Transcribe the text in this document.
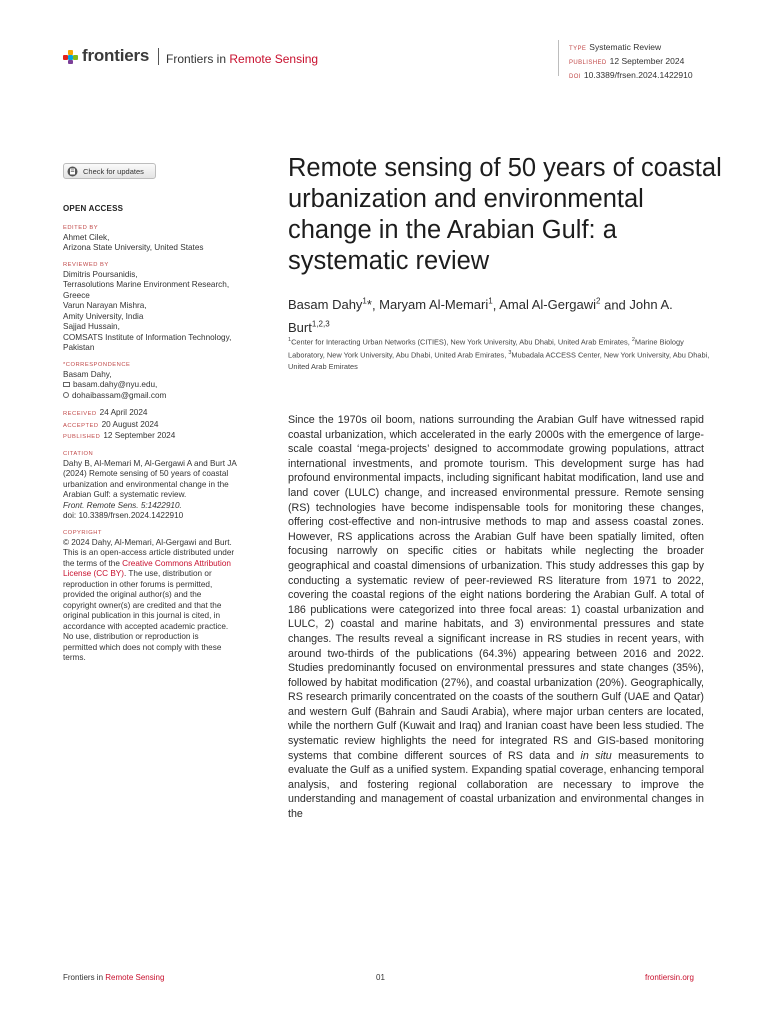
frontiers Frontiers in Remote Sensing
TYPE Systematic Review
PUBLISHED 12 September 2024
DOI 10.3389/frsen.2024.1422910
Check for updates
OPEN ACCESS
EDITED BY
Ahmet Cilek,
Arizona State University, United States
REVIEWED BY
Dimitris Poursanidis,
Terrasolutions Marine Environment Research,
Greece
Varun Narayan Mishra,
Amity University, India
Sajjad Hussain,
COMSATS Institute of Information Technology,
Pakistan
*CORRESPONDENCE
Basam Dahy,
basam.dahy@nyu.edu,
dohaibassam@gmail.com
RECEIVED 24 April 2024
ACCEPTED 20 August 2024
PUBLISHED 12 September 2024
CITATION
Dahy B, Al-Memari M, Al-Gergawi A and Burt JA
(2024) Remote sensing of 50 years of coastal
urbanization and environmental change in the
Arabian Gulf: a systematic review.
Front. Remote Sens. 5:1422910.
doi: 10.3389/frsen.2024.1422910
COPYRIGHT
© 2024 Dahy, Al-Memari, Al-Gergawi and Burt.
This is an open-access article distributed under
the terms of the Creative Commons Attribution
License (CC BY). The use, distribution or
reproduction in other forums is permitted,
provided the original author(s) and the
copyright owner(s) are credited and that the
original publication in this journal is cited, in
accordance with accepted academic practice.
No use, distribution or reproduction is
permitted which does not comply with these
terms.
Remote sensing of 50 years of coastal urbanization and environmental change in the Arabian Gulf: a systematic review
Basam Dahy$^1$*, Maryam Al-Memari$^1$, Amal Al-Gergawi$^2$ and John A. Burt$^{1,2,3}$
$^1$Center for Interacting Urban Networks (CITIES), New York University, Abu Dhabi, United Arab Emirates, $^2$Marine Biology Laboratory, New York University, Abu Dhabi, United Arab Emirates, $^3$Mubadala ACCESS Center, New York University, Abu Dhabi, United Arab Emirates

Since the 1970s oil boom, nations surrounding the Arabian Gulf have witnessed rapid coastal urbanization, which accelerated in the early 2000s with the emergence of large-scale coastal ‘mega-projects’ designed to accommodate growing populations, attract international investments, and promote tourism. This development surge has had profound environmental impacts, including significant habitat modification, land use and land cover (LULC) change, and increased environmental pressure. Remote sensing (RS) technologies have become indispensable tools for monitoring these changes, offering cost-effective and non-intrusive methods to map and assess coastal zones. However, RS applications across the Arabian Gulf have been spatially limited, often focusing narrowly on specific cities or habitats while neglecting the broader geographical and coastal dimensions of urbanization. This study addresses this gap by conducting a systematic review of peer-reviewed RS literature from 1971 to 2022, covering the coastal regions of the eight nations bordering the Arabian Gulf. A total of 186 publications were categorized into three focal areas: 1) coastal urbanization and LULC, 2) coastal and marine habitats, and 3) environmental pressures and state changes. The results reveal a significant increase in RS studies in recent years, with around two-thirds of the publications (64.3%) appearing between 2016 and 2022. Studies predominantly focused on environmental pressures and state changes (35%), followed by habitat modification (27%), and coastal urbanization (20%). Geographically, RS research primarily concentrated on the coasts of the southern Gulf (UAE and Qatar) and western Gulf (Bahrain and Saudi Arabia), where major urban centers are located, while the northern Gulf (Kuwait and Iraq) and Iranian coast have been less studied. The systematic review highlights the need for integrated RS and GIS-based monitoring systems that combine different sources of RS data and in situ measurements to evaluate the Gulf as a unified system. Expanding spatial coverage, enhancing temporal analysis, and fostering regional collaboration are necessary to improve the understanding and management of coastal urbanization and environmental changes in the

Frontiers in Remote Sensing	01	frontiersin.org
